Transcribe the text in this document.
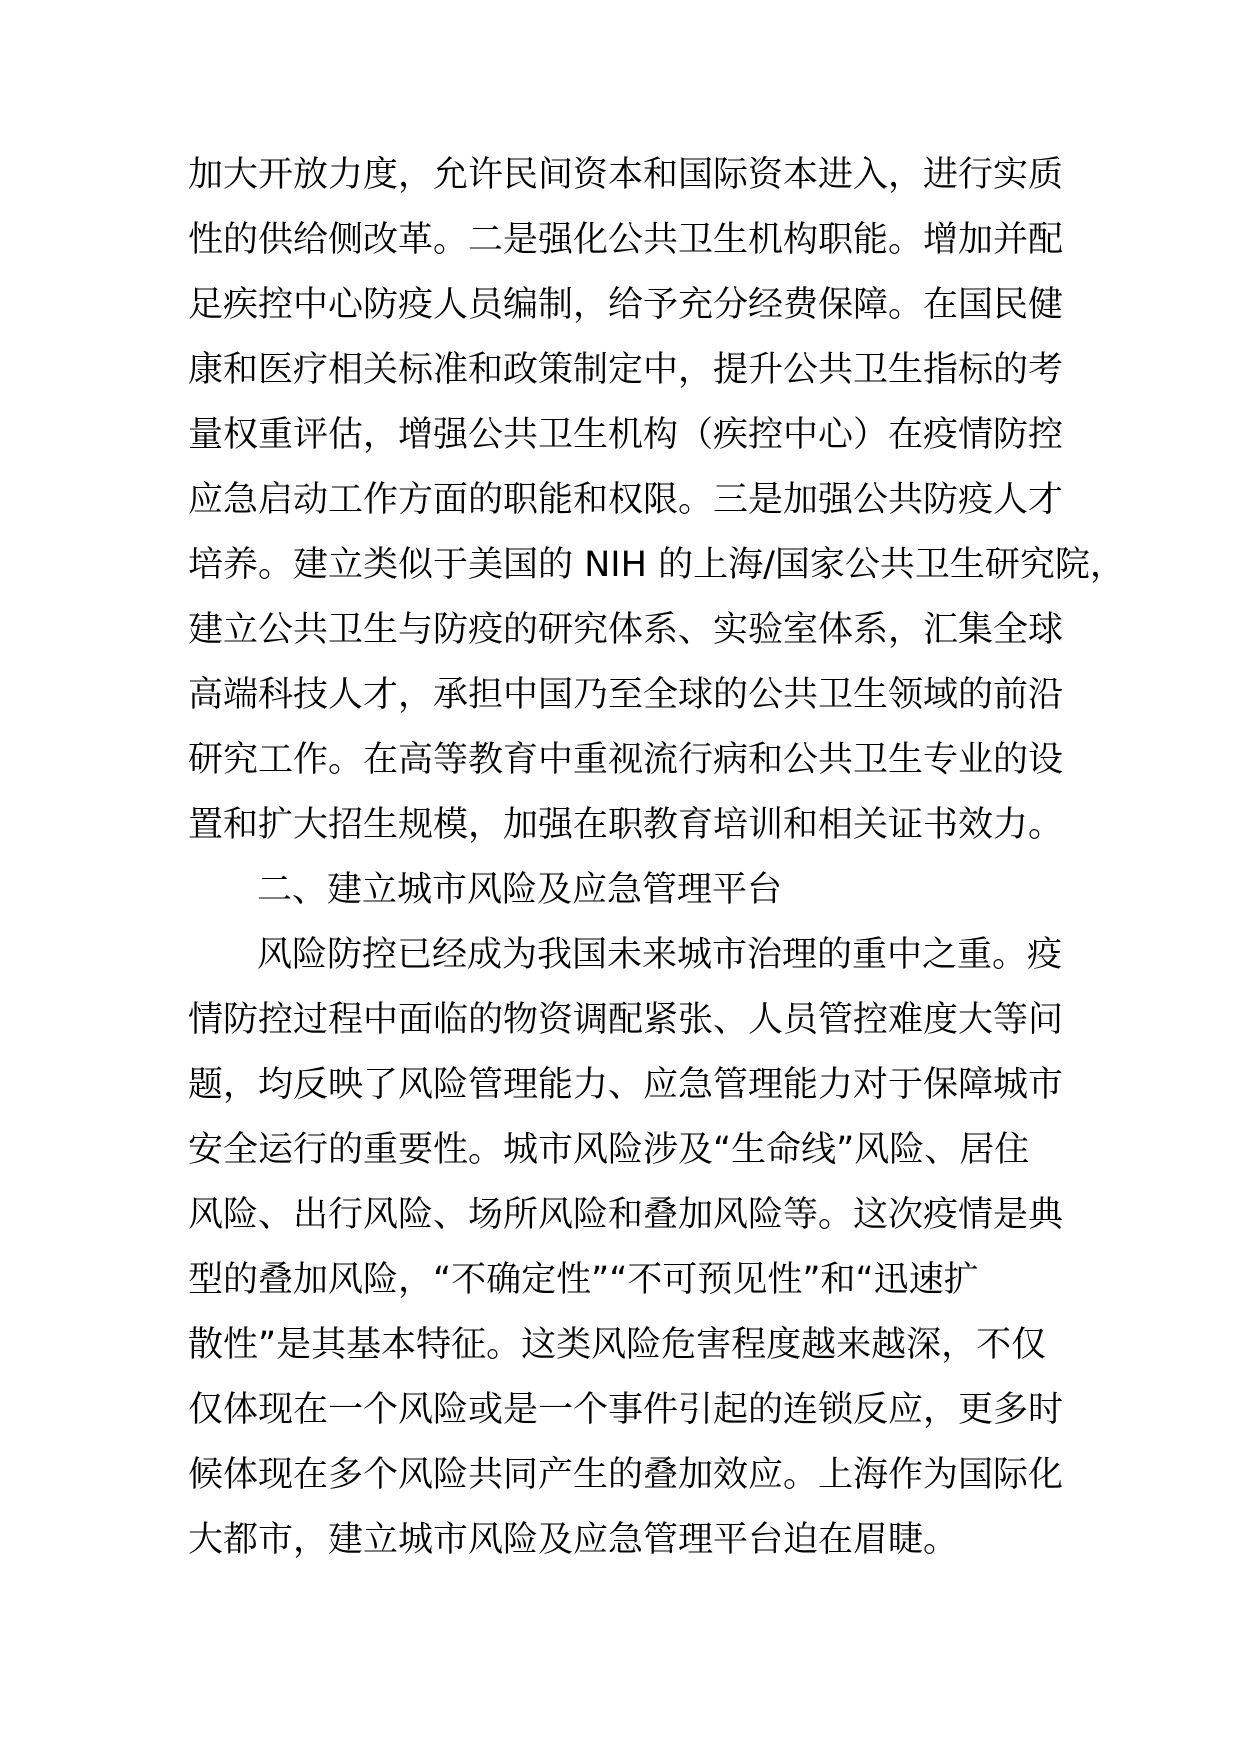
加大开放力度，允许民间资本和国际资本进入，进行实质
性的供给侧改革。二是强化公共卫生机构职能。增加并配
足疾控中心防疫人员编制，给予充分经费保障。在国民健
康和医疗相关标准和政策制定中，提升公共卫生指标的考
量权重评估，增强公共卫生机构（疾控中心）在疫情防控
应急启动工作方面的职能和权限。三是加强公共防疫人才
培养。建立类似于美国的 NIH 的上海/国家公共卫生研究院，
建立公共卫生与防疫的研究体系、实验室体系，汇集全球
高端科技人才，承担中国乃至全球的公共卫生领域的前沿
研究工作。在高等教育中重视流行病和公共卫生专业的设
置和扩大招生规模，加强在职教育培训和相关证书效力。
二、建立城市风险及应急管理平台
风险防控已经成为我国未来城市治理的重中之重。疫
情防控过程中面临的物资调配紧张、人员管控难度大等问
题，均反映了风险管理能力、应急管理能力对于保障城市
安全运行的重要性。城市风险涉及“生命线”风险、居住
风险、出行风险、场所风险和叠加风险等。这次疫情是典
型的叠加风险，“不确定性”“不可预见性”和“迅速扩
散性”是其基本特征。这类风险危害程度越来越深，不仅
仅体现在一个风险或是一个事件引起的连锁反应，更多时
候体现在多个风险共同产生的叠加效应。上海作为国际化
大都市，建立城市风险及应急管理平台迫在眉睫。
